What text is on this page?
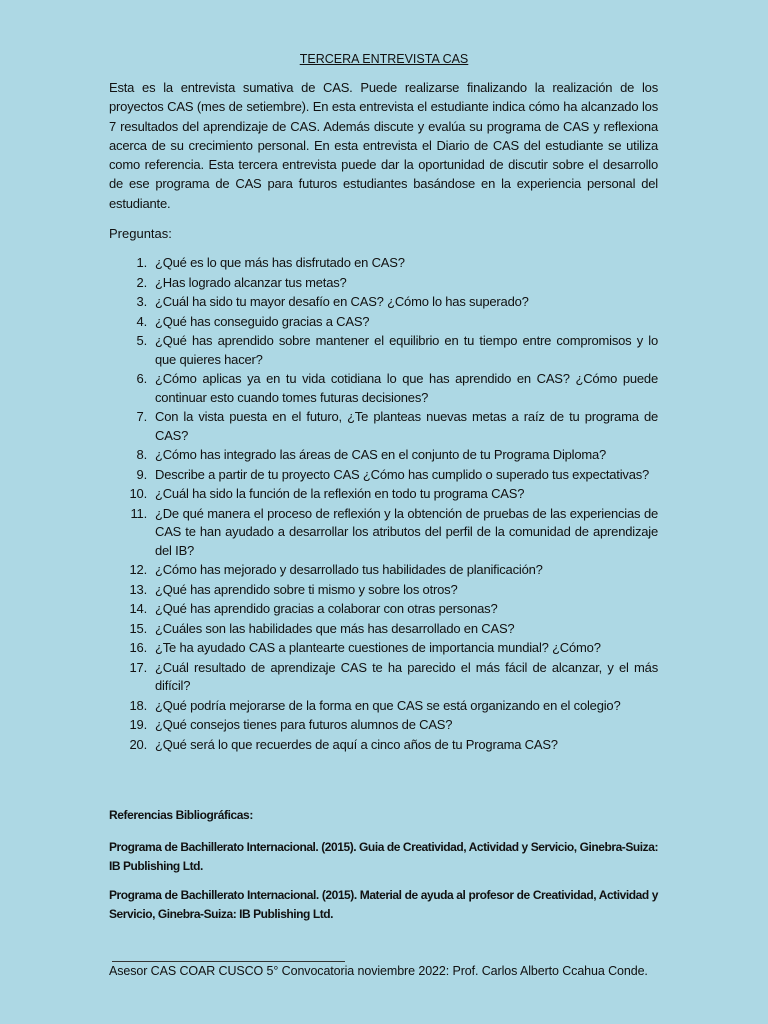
TERCERA ENTREVISTA CAS
Esta es la entrevista sumativa de CAS. Puede realizarse finalizando la realización de los proyectos CAS (mes de setiembre). En esta entrevista el estudiante indica cómo ha alcanzado los 7 resultados del aprendizaje de CAS. Además discute y evalúa su programa de CAS y reflexiona acerca de su crecimiento personal. En esta entrevista el Diario de CAS del estudiante se utiliza como referencia. Esta tercera entrevista puede dar la oportunidad de discutir sobre el desarrollo de ese programa de CAS para futuros estudiantes basándose en la experiencia personal del estudiante.
Preguntas:
1. ¿Qué es lo que más has disfrutado en CAS?
2. ¿Has logrado alcanzar tus metas?
3. ¿Cuál ha sido tu mayor desafío en CAS? ¿Cómo lo has superado?
4. ¿Qué has conseguido gracias a CAS?
5. ¿Qué has aprendido sobre mantener el equilibrio en tu tiempo entre compromisos y lo que quieres hacer?
6. ¿Cómo aplicas ya en tu vida cotidiana lo que has aprendido en CAS? ¿Cómo puede continuar esto cuando tomes futuras decisiones?
7. Con la vista puesta en el futuro, ¿Te planteas nuevas metas a raíz de tu programa de CAS?
8. ¿Cómo has integrado las áreas de CAS en el conjunto de tu Programa Diploma?
9. Describe a partir de tu proyecto CAS ¿Cómo has cumplido o superado tus expectativas?
10. ¿Cuál ha sido la función de la reflexión en todo tu programa CAS?
11. ¿De qué manera el proceso de reflexión y la obtención de pruebas de las experiencias de CAS te han ayudado a desarrollar los atributos del perfil de la comunidad de aprendizaje del IB?
12. ¿Cómo has mejorado y desarrollado tus habilidades de planificación?
13. ¿Qué has aprendido sobre ti mismo y sobre los otros?
14. ¿Qué has aprendido gracias a colaborar con otras personas?
15. ¿Cuáles son las habilidades que más has desarrollado en CAS?
16. ¿Te ha ayudado CAS a plantearte cuestiones de importancia mundial? ¿Cómo?
17. ¿Cuál resultado de aprendizaje CAS te ha parecido el más fácil de alcanzar, y el más difícil?
18. ¿Qué podría mejorarse de la forma en que CAS se está organizando en el colegio?
19. ¿Qué consejos tienes para futuros alumnos de CAS?
20. ¿Qué será lo que recuerdes de aquí a cinco años de tu Programa CAS?
Referencias Bibliográficas:
Programa de Bachillerato Internacional. (2015). Guia de Creatividad, Actividad y Servicio, Ginebra-Suiza: IB Publishing Ltd.
Programa de Bachillerato Internacional. (2015). Material de ayuda al profesor de Creatividad, Actividad y Servicio, Ginebra-Suiza: IB Publishing Ltd.
Asesor CAS COAR CUSCO 5° Convocatoria noviembre 2022: Prof. Carlos Alberto Ccahua Conde.
